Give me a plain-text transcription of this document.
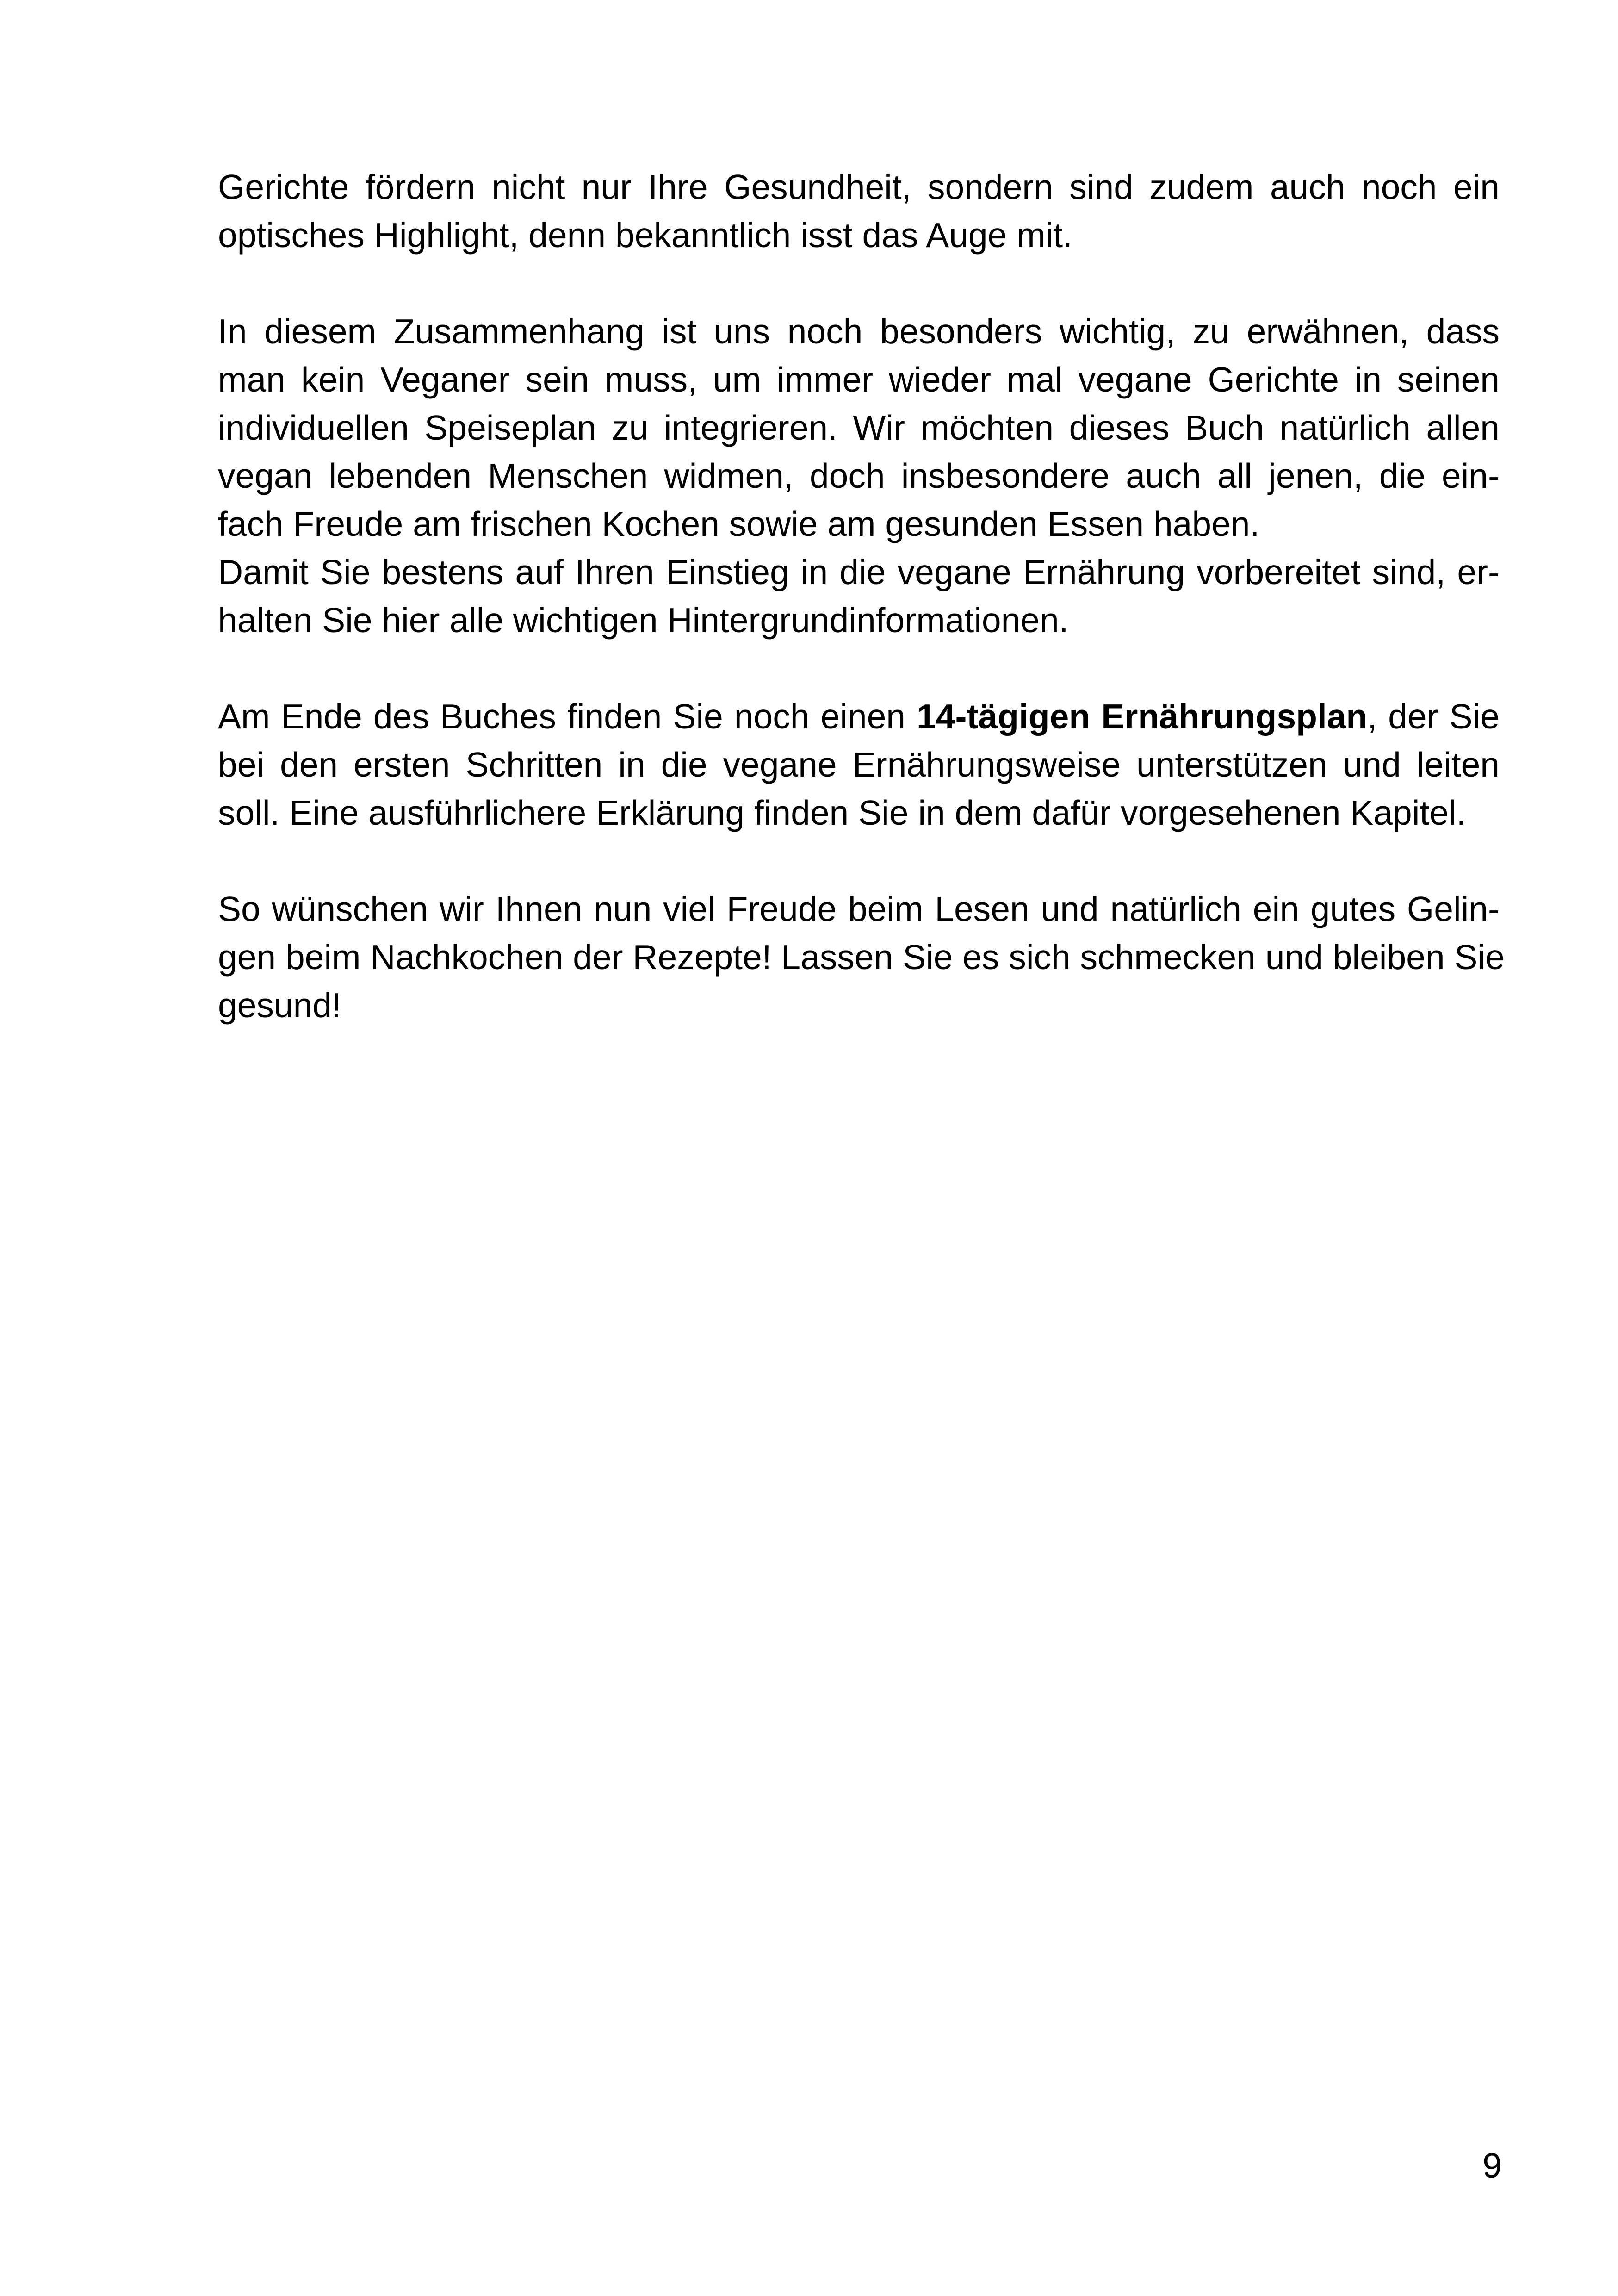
Gerichte fördern nicht nur Ihre Gesundheit, sondern sind zudem auch noch ein
optisches Highlight, denn bekanntlich isst das Auge mit.

In diesem Zusammenhang ist uns noch besonders wichtig, zu erwähnen, dass
man kein Veganer sein muss, um immer wieder mal vegane Gerichte in seinen
individuellen Speiseplan zu integrieren. Wir möchten dieses Buch natürlich allen
vegan lebenden Menschen widmen, doch insbesondere auch all jenen, die ein-
fach Freude am frischen Kochen sowie am gesunden Essen haben.

Damit Sie bestens auf Ihren Einstieg in die vegane Ernährung vorbereitet sind, er-
halten Sie hier alle wichtigen Hintergrundinformationen.

Am Ende des Buches finden Sie noch einen 14-tägigen Ernährungsplan, der Sie
bei den ersten Schritten in die vegane Ernährungsweise unterstützen und leiten
soll. Eine ausführlichere Erklärung finden Sie in dem dafür vorgesehenen Kapitel.

So wünschen wir Ihnen nun viel Freude beim Lesen und natürlich ein gutes Gelin-
gen beim Nachkochen der Rezepte! Lassen Sie es sich schmecken und bleiben Sie
gesund!

9
